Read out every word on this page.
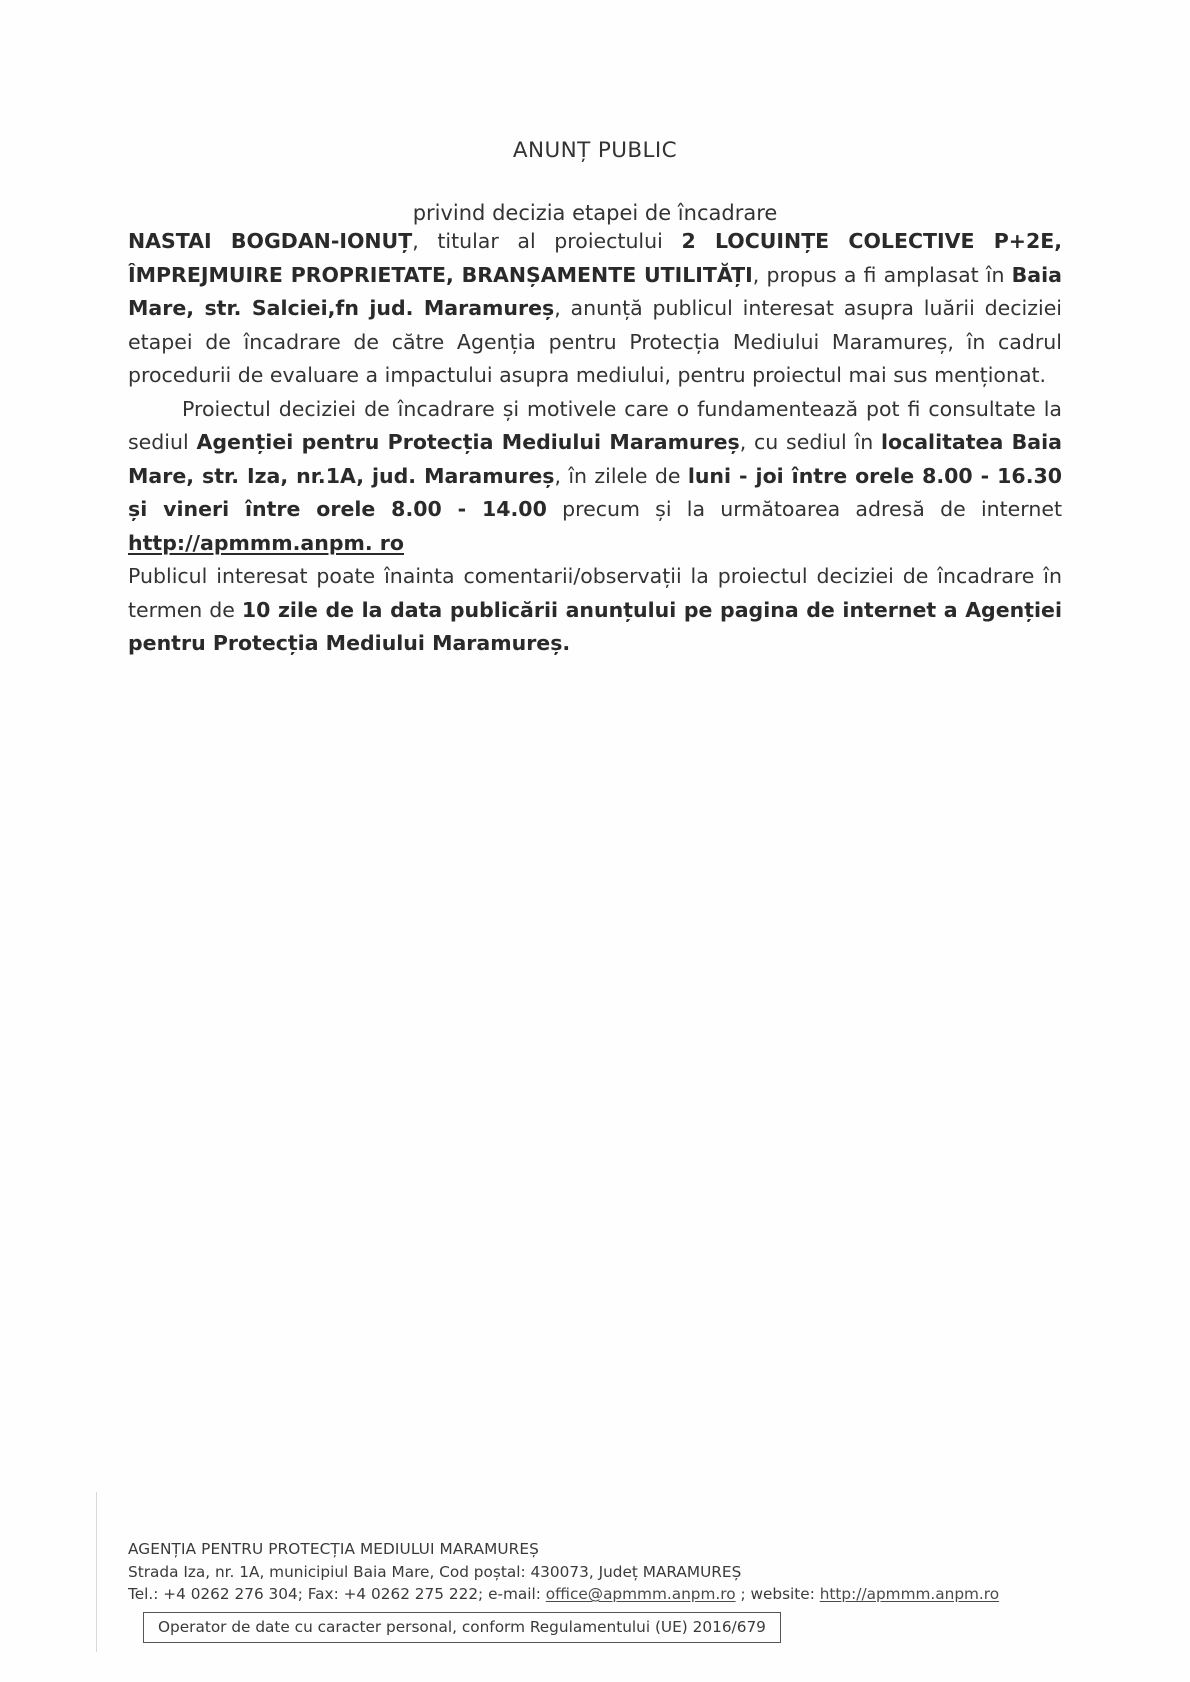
ANUNȚ PUBLIC
privind decizia etapei de încadrare

NASTAI BOGDAN-IONUȚ, titular al proiectului 2 LOCUINȚE COLECTIVE P+2E, ÎMPREJMUIRE PROPRIETATE, BRANȘAMENTE UTILITĂȚI, propus a fi amplasat în Baia Mare, str. Salciei,fn jud. Maramureș, anunță publicul interesat asupra luării deciziei etapei de încadrare de către Agenția pentru Protecția Mediului Maramureș, în cadrul procedurii de evaluare a impactului asupra mediului, pentru proiectul mai sus menționat.

Proiectul deciziei de încadrare și motivele care o fundamentează pot fi consultate la sediul Agenției pentru Protecția Mediului Maramureș, cu sediul în localitatea Baia Mare, str. Iza, nr.1A, jud. Maramureș, în zilele de luni - joi între orele 8.00 - 16.30 și vineri între orele 8.00 - 14.00 precum și la următoarea adresă de internet http://apmmm.anpm. ro

Publicul interesat poate înainta comentarii/observații la proiectul deciziei de încadrare în termen de 10 zile de la data publicării anunțului pe pagina de internet a Agenției pentru Protecția Mediului Maramureș.

AGENȚIA PENTRU PROTECȚIA MEDIULUI MARAMUREȘ
Strada Iza, nr. 1A, municipiul Baia Mare, Cod poștal: 430073, Județ MARAMUREȘ
Tel.: +4 0262 276 304; Fax: +4 0262 275 222; e-mail: office@apmmm.anpm.ro ; website: http://apmmm.anpm.ro
Operator de date cu caracter personal, conform Regulamentului (UE) 2016/679
